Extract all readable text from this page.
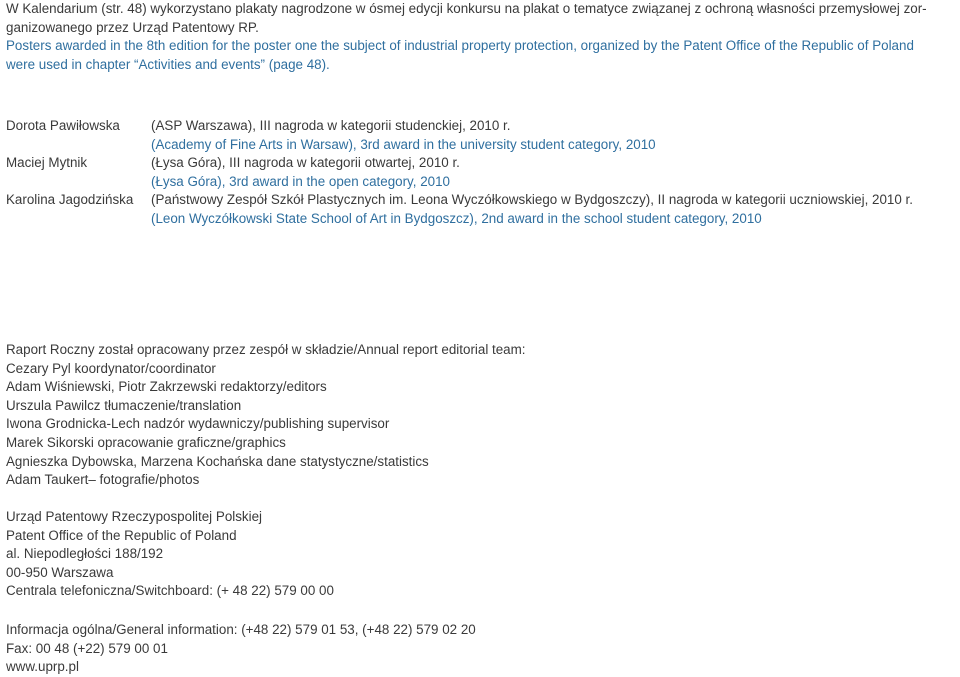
W Kalendarium (str. 48) wykorzystano plakaty nagrodzone w ósmej edycji konkursu na plakat o tematyce związanej z ochroną własności przemysłowej zor-
ganizowanego przez Urząd Patentowy RP.
Posters awarded in the 8th edition for the poster one the subject of industrial property protection, organized by the Patent Office of the Republic of Poland
were used in chapter “Activities and events” (page 48).
Dorota Pawiłowska (ASP Warszawa), III nagroda w kategorii studenckiej, 2010 r.
(Academy of Fine Arts in Warsaw), 3rd award in the university student category, 2010
Maciej Mytnik	(Łysa Góra), III nagroda w kategorii otwartej, 2010 r.
(Łysa Góra), 3rd award in the open category, 2010
Karolina Jagodzińska (Państwowy Zespół Szkół Plastycznych im. Leona Wyczółkowskiego w Bydgoszczy), II nagroda w kategorii uczniowskiej, 2010 r.
(Leon Wyczółkowski State School of Art in Bydgoszcz), 2nd award in the school student category, 2010
Raport Roczny został opracowany przez zespół w składzie/Annual report editorial team:
Cezary Pyl koordynator/coordinator
Adam Wiśniewski, Piotr Zakrzewski redaktorzy/editors
Urszula Pawilcz tłumaczenie/translation
Iwona Grodnicka-Lech nadzór wydawniczy/publishing supervisor
Marek Sikorski opracowanie graficzne/graphics
Agnieszka Dybowska, Marzena Kochańska dane statystyczne/statistics
Adam Taukert– fotografie/photos
Urząd Patentowy Rzeczypospolitej Polskiej
Patent Office of the Republic of Poland
al. Niepodległości 188/192
00-950 Warszawa
Centrala telefoniczna/Switchboard: (+ 48 22) 579 00 00
Informacja ogólna/General information: (+48 22) 579 01 53, (+48 22) 579 02 20
Fax: 00 48 (+22) 579 00 01
www.uprp.pl
